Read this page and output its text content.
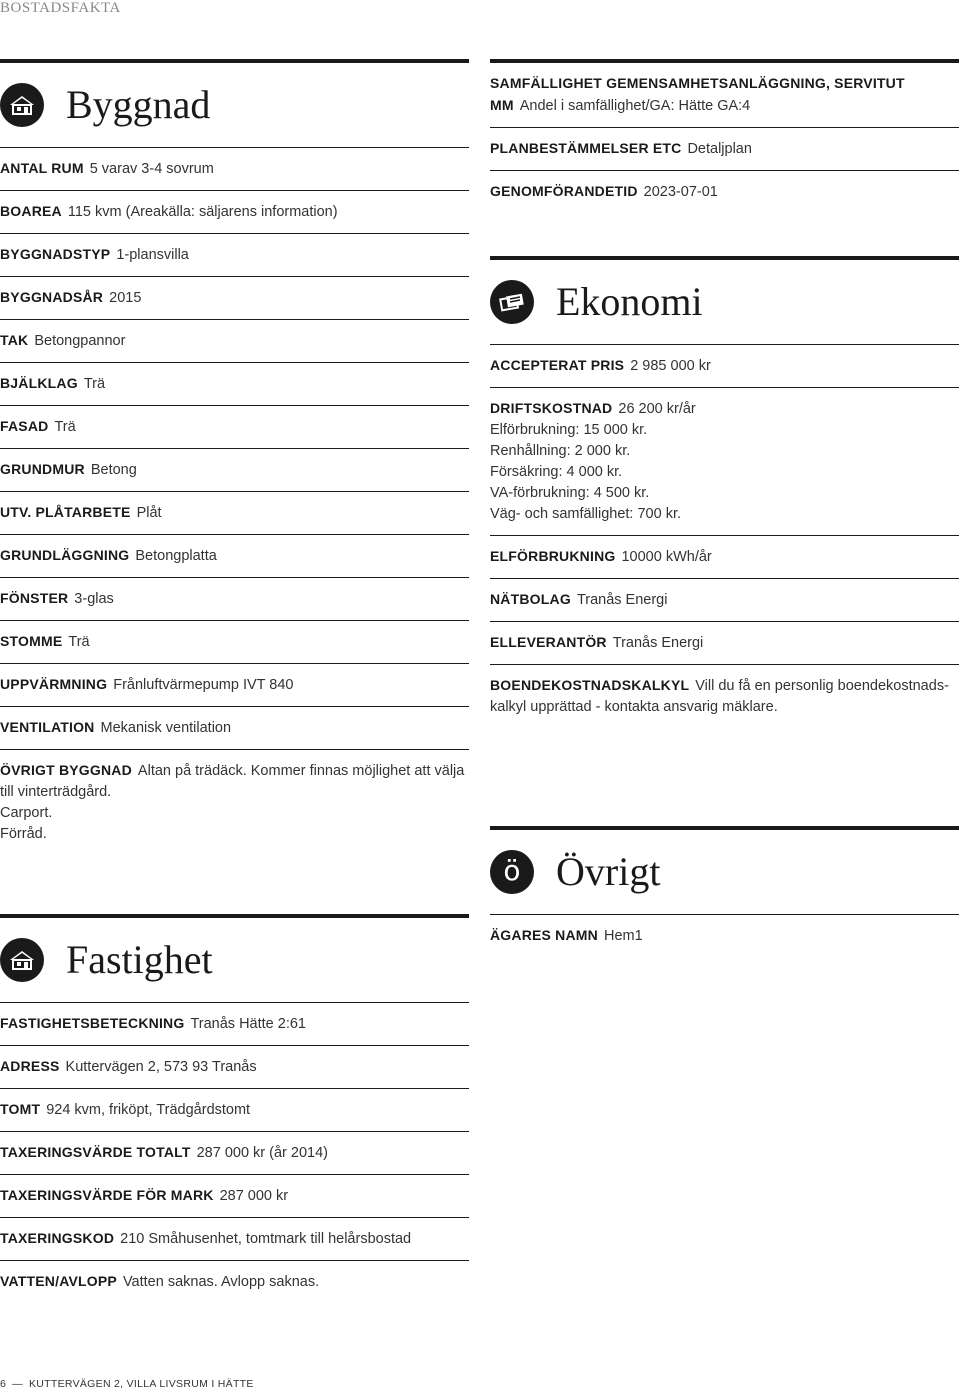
BOSTADSFAKTA
Byggnad
ANTAL RUM 5 varav 3-4 sovrum
BOAREA 115 kvm (Areakälla: säljarens information)
BYGGNADSTYP 1-plansvilla
BYGGNADSÅR 2015
TAK Betongpannor
BJÄLKLAG Trä
FASAD Trä
GRUNDMUR Betong
UTV. PLÅTARBETE Plåt
GRUNDLÄGGNING Betongplatta
FÖNSTER 3-glas
STOMME Trä
UPPVÄRMNING Frånluftvärmepump IVT 840
VENTILATION Mekanisk ventilation
ÖVRIGT BYGGNAD Altan på trädäck. Kommer finnas möjlighet att välja till vinterträdgård.
Carport.
Förråd.
SAMFÄLLIGHET GEMENSAMHETSANLÄGGNING, SERVITUT MM Andel i samfällighet/GA: Hätte GA:4
PLANBESTÄMMELSER ETC Detaljplan
GENOMFÖRANDETID 2023-07-01
Ekonomi
ACCEPTERAT PRIS 2 985 000 kr
DRIFTSKOSTNAD 26 200 kr/år
Elförbrukning: 15 000 kr.
Renhållning: 2 000 kr.
Försäkring: 4 000 kr.
VA-förbrukning: 4 500 kr.
Väg- och samfällighet: 700 kr.
ELFÖRBRUKNING 10000 kWh/år
NÄTBOLAG Tranås Energi
ELLEVERANTÖR Tranås Energi
BOENDEKOSTNADSKALKYL Vill du få en personlig boendekostnads-kalkyl upprättad - kontakta ansvarig mäklare.
ö Övrigt
ÄGARES NAMN Hem1
Fastighet
FASTIGHETSBETECKNING Tranås Hätte 2:61
ADRESS Kuttervägen 2, 573 93 Tranås
TOMT 924 kvm, friköpt, Trädgårdstomt
TAXERINGSVÄRDE TOTALT 287 000 kr (år 2014)
TAXERINGSVÄRDE FÖR MARK 287 000 kr
TAXERINGSKOD 210 Småhusenhet, tomtmark till helårsbostad
VATTEN/AVLOPP Vatten saknas. Avlopp saknas.
6 — KUTTERVÄGEN 2, VILLA LIVSRUM I HÄTTE
